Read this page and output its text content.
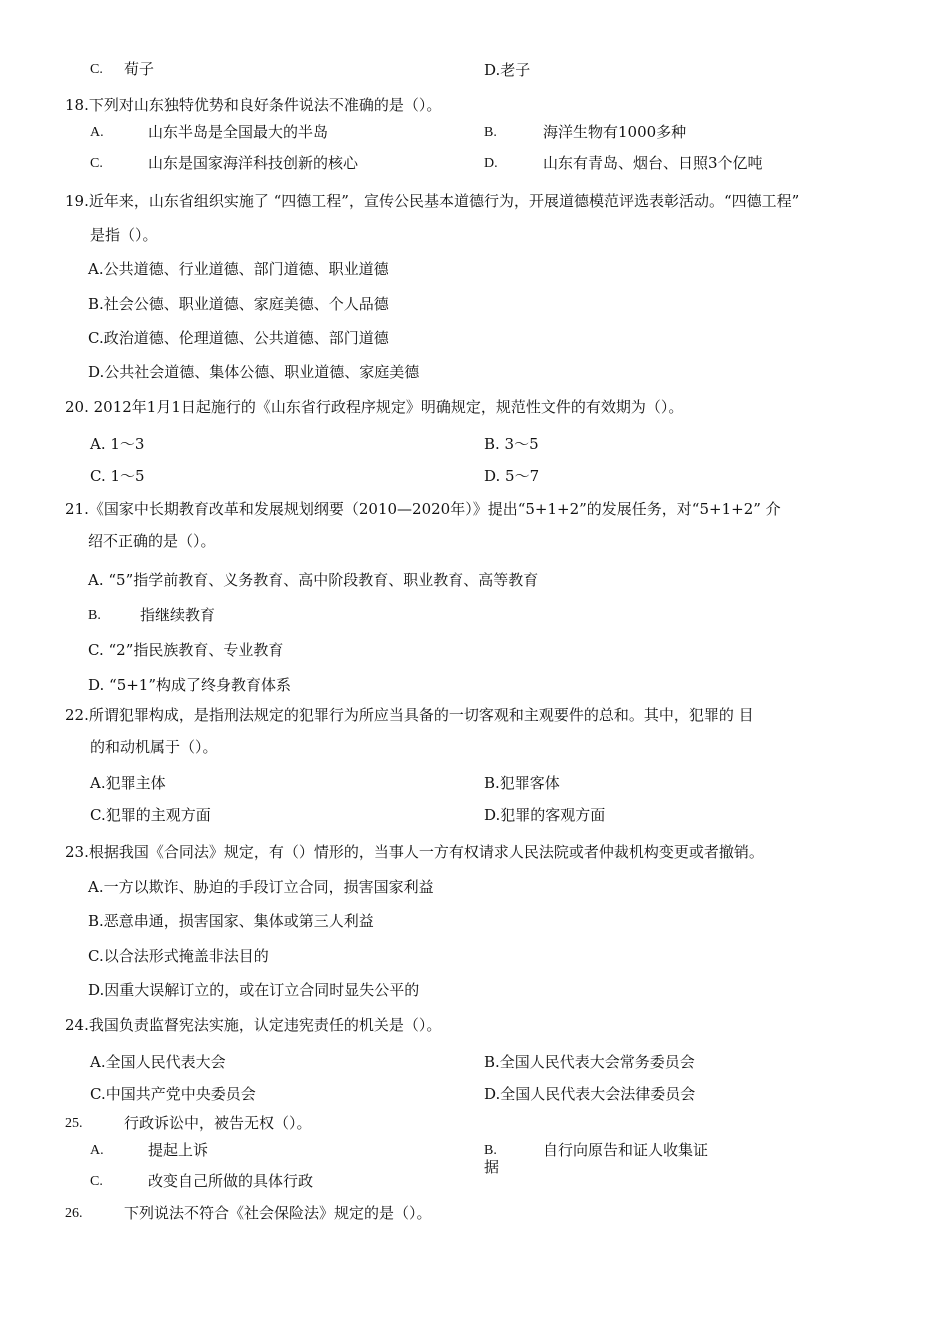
C. 荀子	D.老子
18.下列对山东独特优势和良好条件说法不准确的是（）。
A.	山东半岛是全国最大的半岛	B.	海洋生物有1000多种
C.	山东是国家海洋科技创新的核心	D.	山东有青岛、烟台、日照3个亿吨
19.近年来，山东省组织实施了 “四德工程”，宣传公民基本道德行为，开展道德模范评选表彰活动。“四德工程”
是指（）。
A.公共道德、行业道德、部门道德、职业道德
B.社会公德、职业道德、家庭美德、个人品德
C.政治道德、伦理道德、公共道德、部门道德
D.公共社会道德、集体公德、职业道德、家庭美德
20. 2012年1月1日起施行的《山东省行政程序规定》明确规定，规范性文件的有效期为（）。
A. 1〜3	B. 3〜5
C. 1〜5	D. 5〜7
21.《国家中长期教育改革和发展规划纲要（2010—2020年）》提出“5+1+2”的发展任务，对“5+1+2” 介
绍不正确的是（）。
A. “5”指学前教育、义务教育、高中阶段教育、职业教育、高等教育
B.	指继续教育
C. “2”指民族教育、专业教育
D. “5+1”构成了终身教育体系
22.所谓犯罪构成，是指刑法规定的犯罪行为所应当具备的一切客观和主观要件的总和。其中，犯罪的 目
的和动机属于（）。
A.犯罪主体	B.犯罪客体
C.犯罪的主观方面	D.犯罪的客观方面
23.根据我国《合同法》规定，有（）情形的，当事人一方有权请求人民法院或者仲裁机构变更或者撤销。
A.一方以欺诈、胁迫的手段订立合同，损害国家利益
B.恶意串通，损害国家、集体或第三人利益
C.以合法形式掩盖非法目的
D.因重大误解订立的，或在订立合同时显失公平的
24.我国负责监督宪法实施，认定违宪责任的机关是（）。
A.全国人民代表大会	B.全国人民代表大会常务委员会
C.中国共产党中央委员会	D.全国人民代表大会法律委员会
25.	行政诉讼中，被告无权（）。
A.	提起上诉	B.	自行向原告和证人收集证
据
C.	改变自己所做的具体行政
26.	下列说法不符合《社会保险法》规定的是（）。
